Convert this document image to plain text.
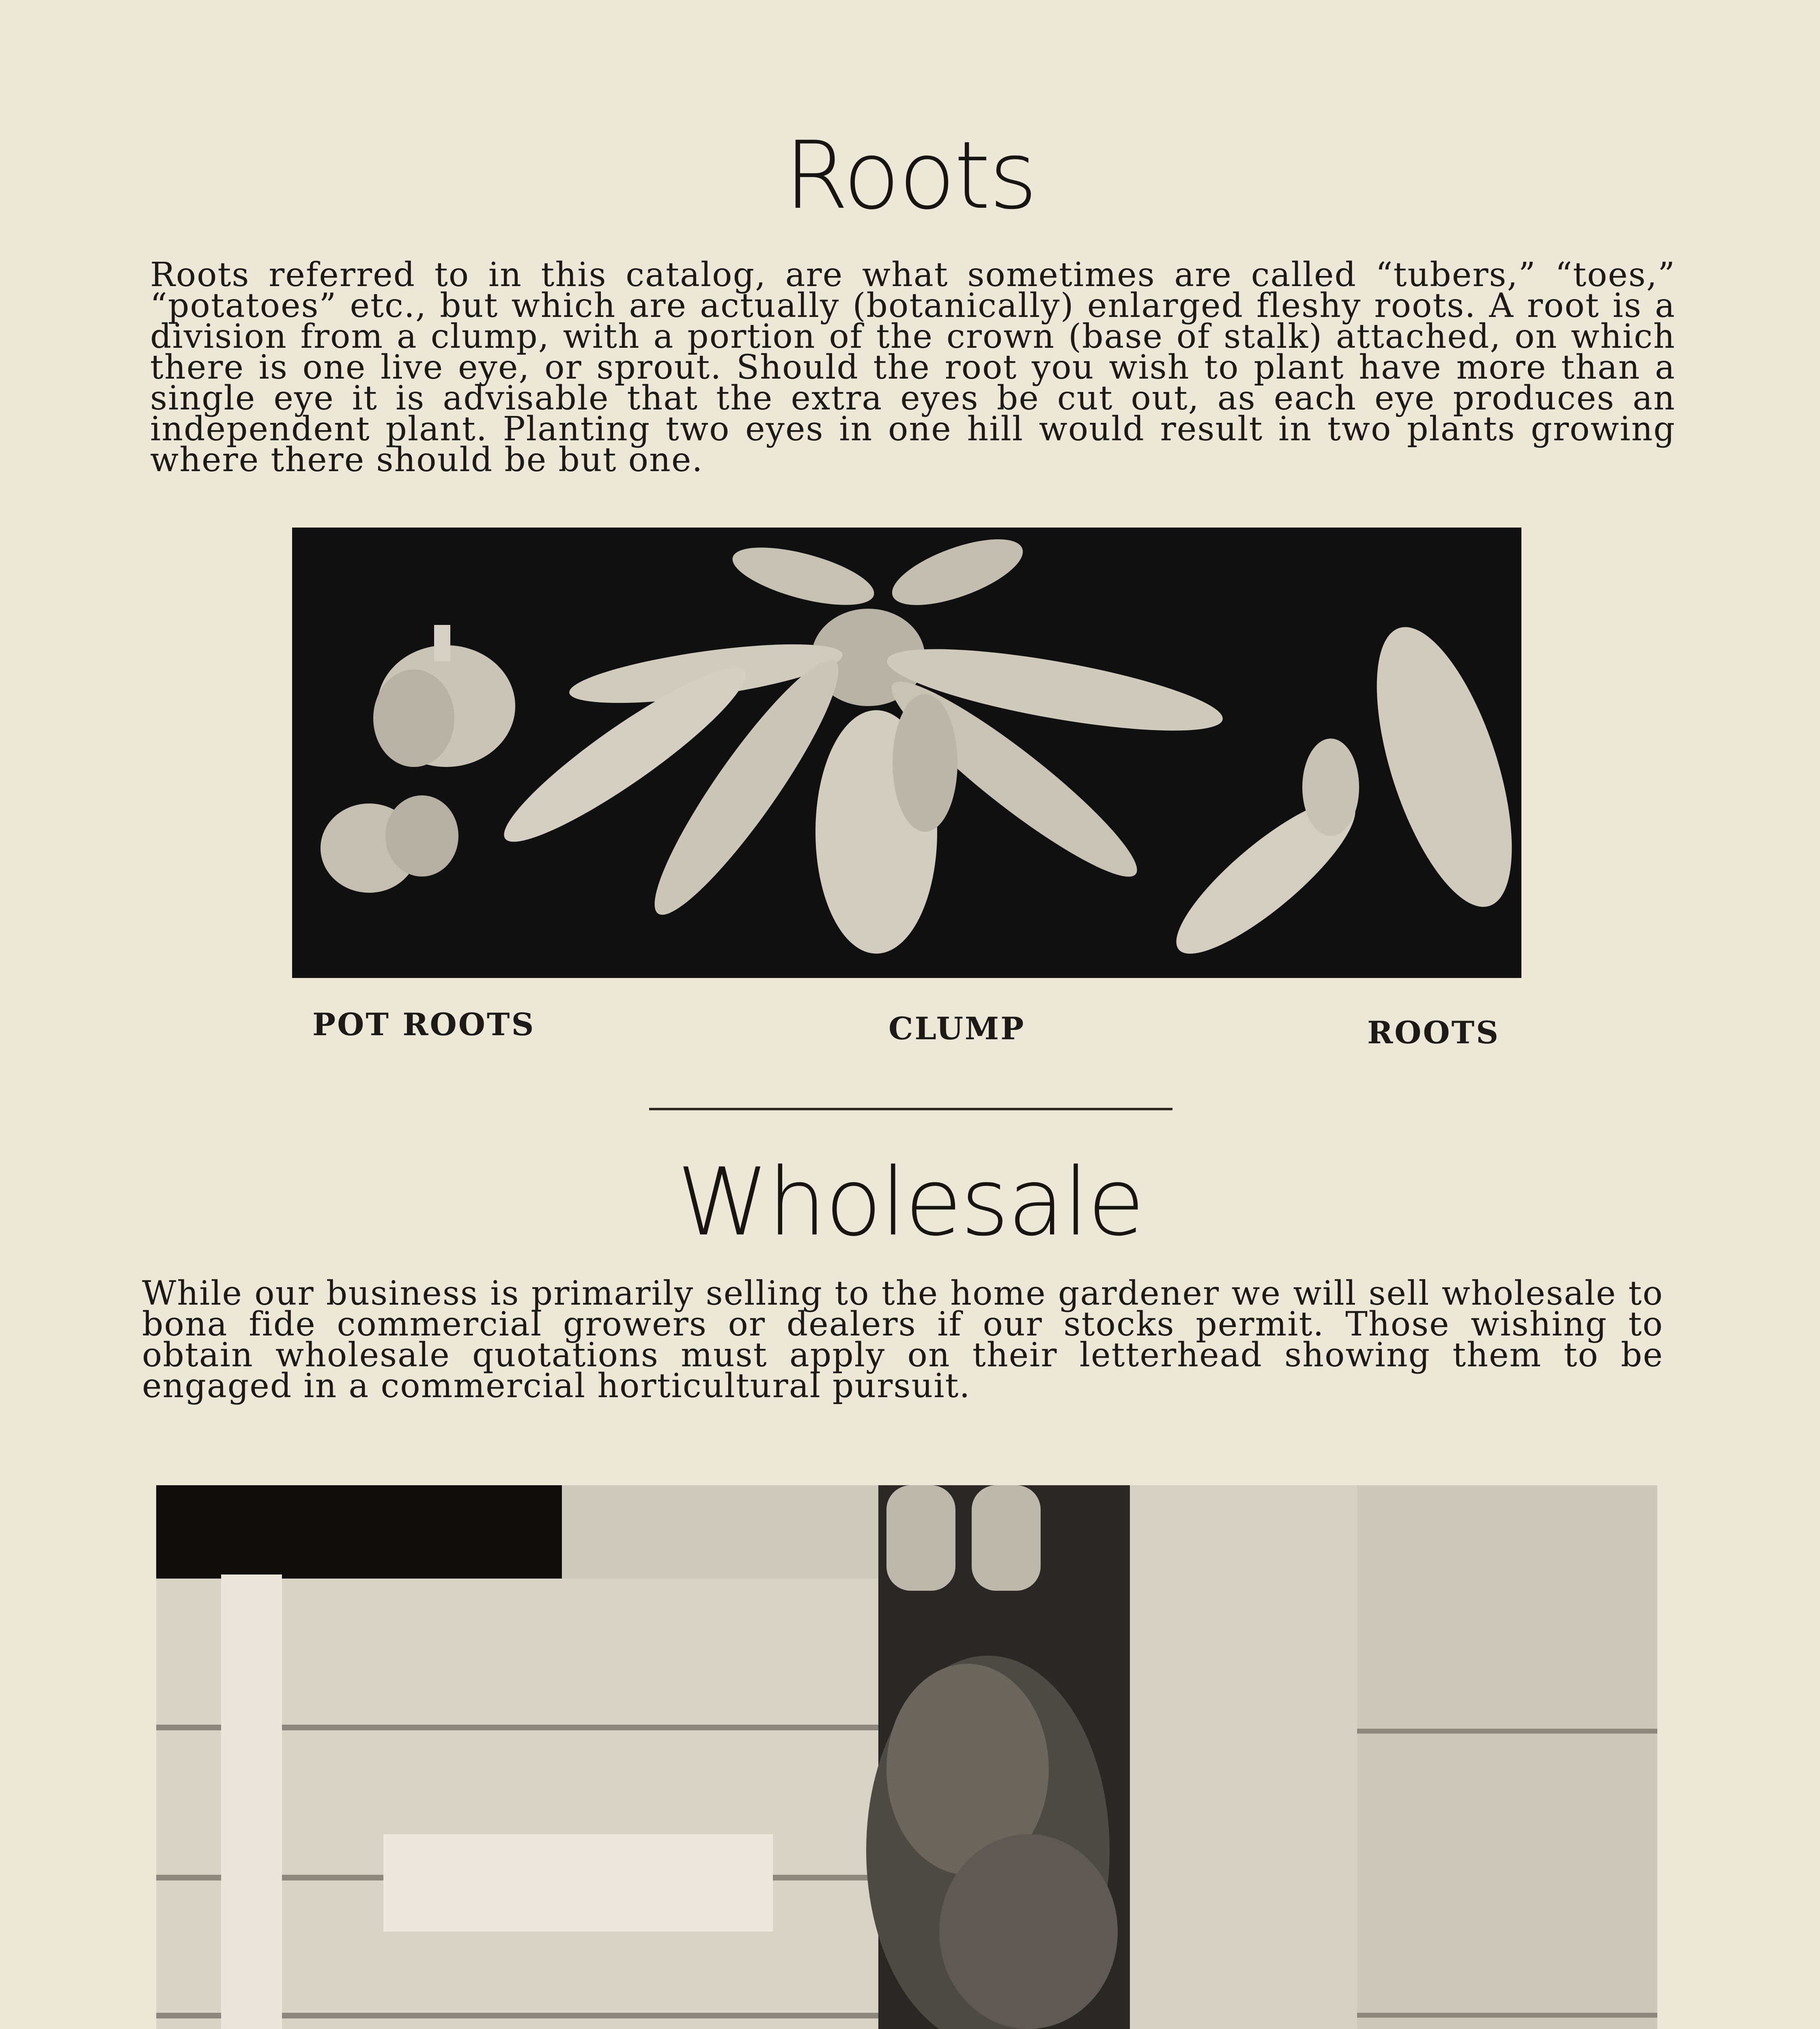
Roots

Roots referred to in this catalog, are what sometimes are called “tubers,” “toes,” “potatoes” etc., but which are actually (botanically) enlarged fleshy roots. A root is a division from a clump, with a portion of the crown (base of stalk) attached, on which there is one live eye, or sprout. Should the root you wish to plant have more than a single eye it is advisable that the extra eyes be cut out, as each eye produces an independent plant. Planting two eyes in one hill would result in two plants growing where there should be but one.

POT ROOTS	CLUMP	ROOTS
Wholesale

While our business is primarily selling to the home gardener we will sell wholesale to bona fide commercial growers or dealers if our stocks permit. Those wishing to obtain wholesale quotations must apply on their letterhead showing them to be engaged in a commercial horticultural pursuit.
